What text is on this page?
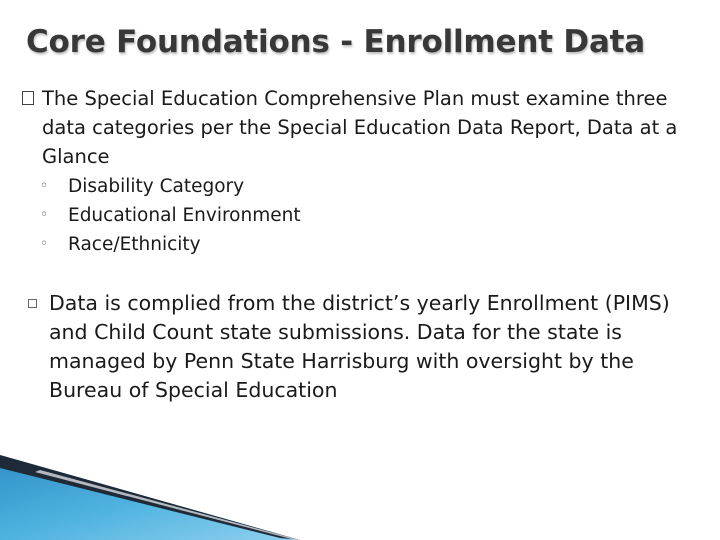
Core Foundations - Enrollment Data
The Special Education Comprehensive Plan must examine three data categories per the Special Education Data Report, Data at a Glance
◦ Disability Category
◦ Educational Environment
◦ Race/Ethnicity
Data is complied from the district’s yearly Enrollment (PIMS) and Child Count state submissions. Data for the state is managed by Penn State Harrisburg with oversight by the Bureau of Special Education
